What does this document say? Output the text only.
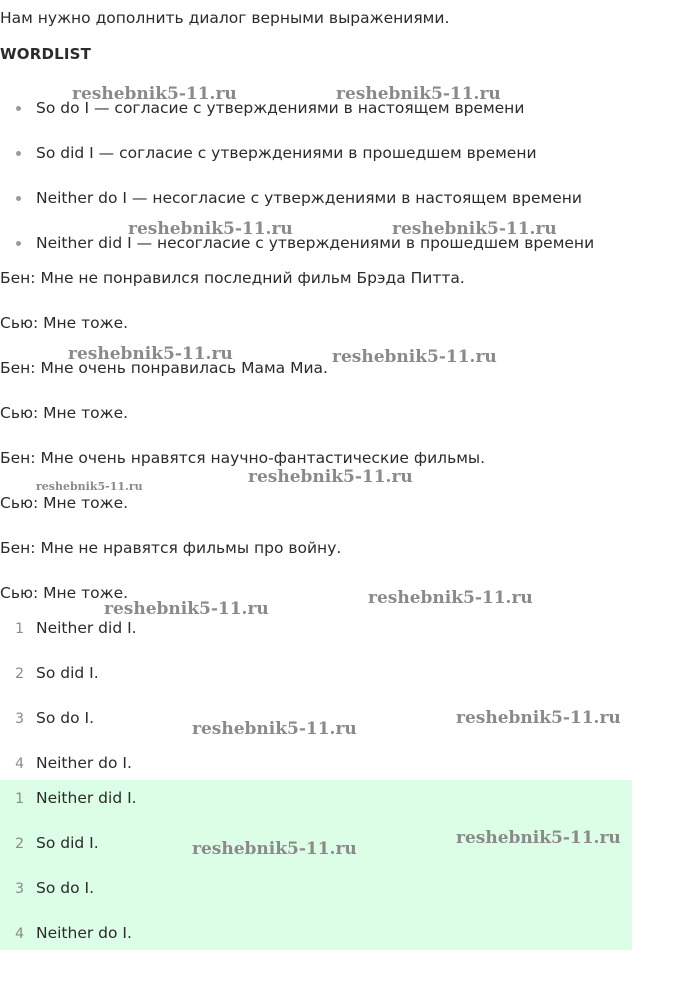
Нам нужно дополнить диалог верными выражениями.
WORDLIST
So do I — согласие с утверждениями в настоящем времени
So did I — согласие с утверждениями в прошедшем времени
Neither do I — несогласие с утверждениями в настоящем времени
Neither did I — несогласие с утверждениями в прошедшем времени
Бен: Мне не понравился последний фильм Брэда Питта.
Сью: Мне тоже.
Бен: Мне очень понравилась Мама Миа.
Сью: Мне тоже.
Бен: Мне очень нравятся научно-фантастические фильмы.
Сью: Мне тоже.
Бен: Мне не нравятся фильмы про войну.
Сью: Мне тоже.
1 Neither did I.
2 So did I.
3 So do I.
4 Neither do I.
1 Neither did I.
2 So did I.
3 So do I.
4 Neither do I.
reshebnik5-11.ru	reshebnik5-11.ru
reshebnik5-11.ru	reshebnik5-11.ru
reshebnik5-11.ru	reshebnik5-11.ru
reshebnik5-11.ru	reshebnik5-11.ru
reshebnik5-11.ru
reshebnik5-11.ru
reshebnik5-11.ru
reshebnik5-11.ru
reshebnik5-11.ru
reshebnik5-11.ru
